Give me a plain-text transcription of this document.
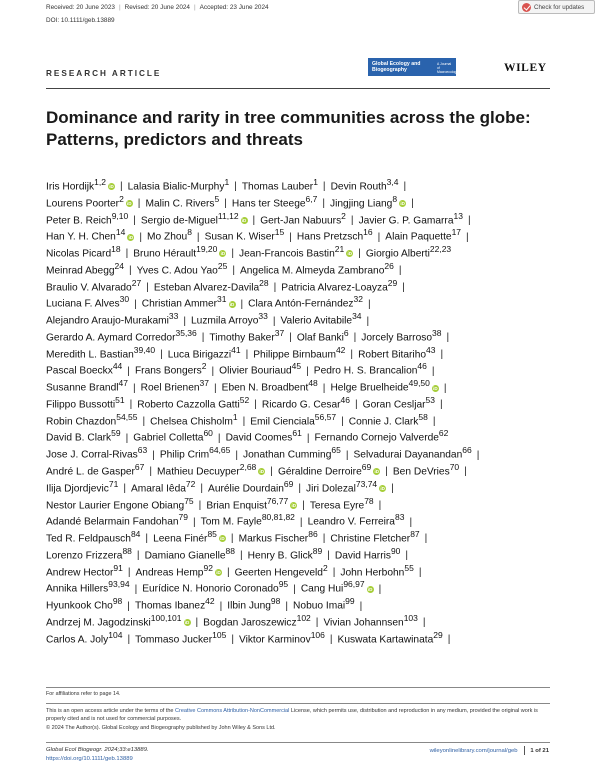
Received: 20 June 2023 | Revised: 20 June 2024 | Accepted: 23 June 2024
DOI: 10.1111/geb.13889
Check for updates
RESEARCH ARTICLE
Global Ecology and Biogeography
A Journal of Macroecology	WILEY
Dominance and rarity in tree communities across the globe:
Patterns, predictors and threats
Iris Hordijk$^{1,2}$ iD | Lalasia Bialic-Murphy$^1$ | Thomas Lauber$^1$ | Devin Routh$^{3,4}$ |
Lourens Poorter$^2$ iD | Malin C. Rivers$^5$ | Hans ter Steege$^{6,7}$ | Jingjing Liang$^8$ iD |
Peter B. Reich$^{9,10}$ | Sergio de-Miguel$^{11,12}$ iD | Gert-Jan Nabuurs$^2$ | Javier G. P. Gamarra$^{13}$ |
Han Y. H. Chen$^{14}$ iD | Mo Zhou$^8$ | Susan K. Wiser$^{15}$ | Hans Pretzsch$^{16}$ | Alain Paquette$^{17}$ |
Nicolas Picard$^{18}$ | Bruno Hérault$^{19,20}$ iD | Jean-Francois Bastin$^{21}$ iD | Giorgio Alberti$^{22,23}$
Meinrad Abegg$^{24}$ | Yves C. Adou Yao$^{25}$ | Angelica M. Almeyda Zambrano$^{26}$ |
Braulio V. Alvarado$^{27}$ | Esteban Alvarez-Davila$^{28}$ | Patricia Alvarez-Loayza$^{29}$ |
Luciana F. Alves$^{30}$ | Christian Ammer$^{31}$ iD | Clara Antón-Fernández$^{32}$ |
Alejandro Araujo-Murakami$^{33}$ | Luzmila Arroyo$^{33}$ | Valerio Avitabile$^{34}$ |
Gerardo A. Aymard Corredor$^{35,36}$ | Timothy Baker$^{37}$ | Olaf Banki$^6$ | Jorcely Barroso$^{38}$ |
Meredith L. Bastian$^{39,40}$ | Luca Birigazzi$^{41}$ | Philippe Birnbaum$^{42}$ | Robert Bitariho$^{43}$ |
Pascal Boeckx$^{44}$ | Frans Bongers$^2$ | Olivier Bouriaud$^{45}$ | Pedro H. S. Brancalion$^{46}$ |
Susanne Brandl$^{47}$ | Roel Brienen$^{37}$ | Eben N. Broadbent$^{48}$ | Helge Bruelheide$^{49,50}$ iD |
Filippo Bussotti$^{51}$ | Roberto Cazzolla Gatti$^{52}$ | Ricardo G. Cesar$^{46}$ | Goran Cesljar$^{53}$ |
Robin Chazdon$^{54,55}$ | Chelsea Chisholm$^1$ | Emil Cienciala$^{56,57}$ | Connie J. Clark$^{58}$ |
David B. Clark$^{59}$ | Gabriel Colletta$^{60}$ | David Coomes$^{61}$ | Fernando Cornejo Valverde$^{62}$
Jose J. Corral-Rivas$^{63}$ | Philip Crim$^{64,65}$ | Jonathan Cumming$^{65}$ | Selvadurai Dayanandan$^{66}$ |
André L. de Gasper$^{67}$ | Mathieu Decuyper$^{2,68}$ iD | Géraldine Derroire$^{69}$ iD | Ben DeVries$^{70}$ |
Ilija Djordjevic$^{71}$ | Amaral Iêda$^{72}$ | Aurélie Dourdain$^{69}$ | Jiri Dolezal$^{73,74}$ iD |
Nestor Laurier Engone Obiang$^{75}$ | Brian Enquist$^{76,77}$ iD | Teresa Eyre$^{78}$ |
Adandé Belarmain Fandohan$^{79}$ | Tom M. Fayle$^{80,81,82}$ | Leandro V. Ferreira$^{83}$ |
Ted R. Feldpausch$^{84}$ | Leena Finér$^{85}$ iD | Markus Fischer$^{86}$ | Christine Fletcher$^{87}$ |
Lorenzo Frizzera$^{88}$ | Damiano Gianelle$^{88}$ | Henry B. Glick$^{89}$ | David Harris$^{90}$ |
Andrew Hector$^{91}$ | Andreas Hemp$^{92}$ iD | Geerten Hengeveld$^2$ | John Herbohn$^{55}$ |
Annika Hillers$^{93,94}$ | Eurídice N. Honorio Coronado$^{95}$ | Cang Hui$^{96,97}$ iD |
Hyunkook Cho$^{98}$ | Thomas Ibanez$^{42}$ | Ilbin Jung$^{98}$ | Nobuo Imai$^{99}$ |
Andrzej M. Jagodzinski$^{100,101}$ iD | Bogdan Jaroszewicz$^{102}$ | Vivian Johannsen$^{103}$ |
Carlos A. Joly$^{104}$ | Tommaso Jucker$^{105}$ | Viktor Karminov$^{106}$ | Kuswata Kartawinata$^{29}$ |
For affiliations refer to page 14.
This is an open access article under the terms of the Creative Commons Attribution-NonCommercial License, which permits use, distribution and reproduction in any medium, provided the original work is properly cited and is not used for commercial purposes.
© 2024 The Author(s). Global Ecology and Biogeography published by John Wiley & Sons Ltd.
Global Ecol Biogeogr. 2024;33:e13889.
https://doi.org/10.1111/geb.13889
wileyonlinelibrary.com/journal/geb 1 of 21
